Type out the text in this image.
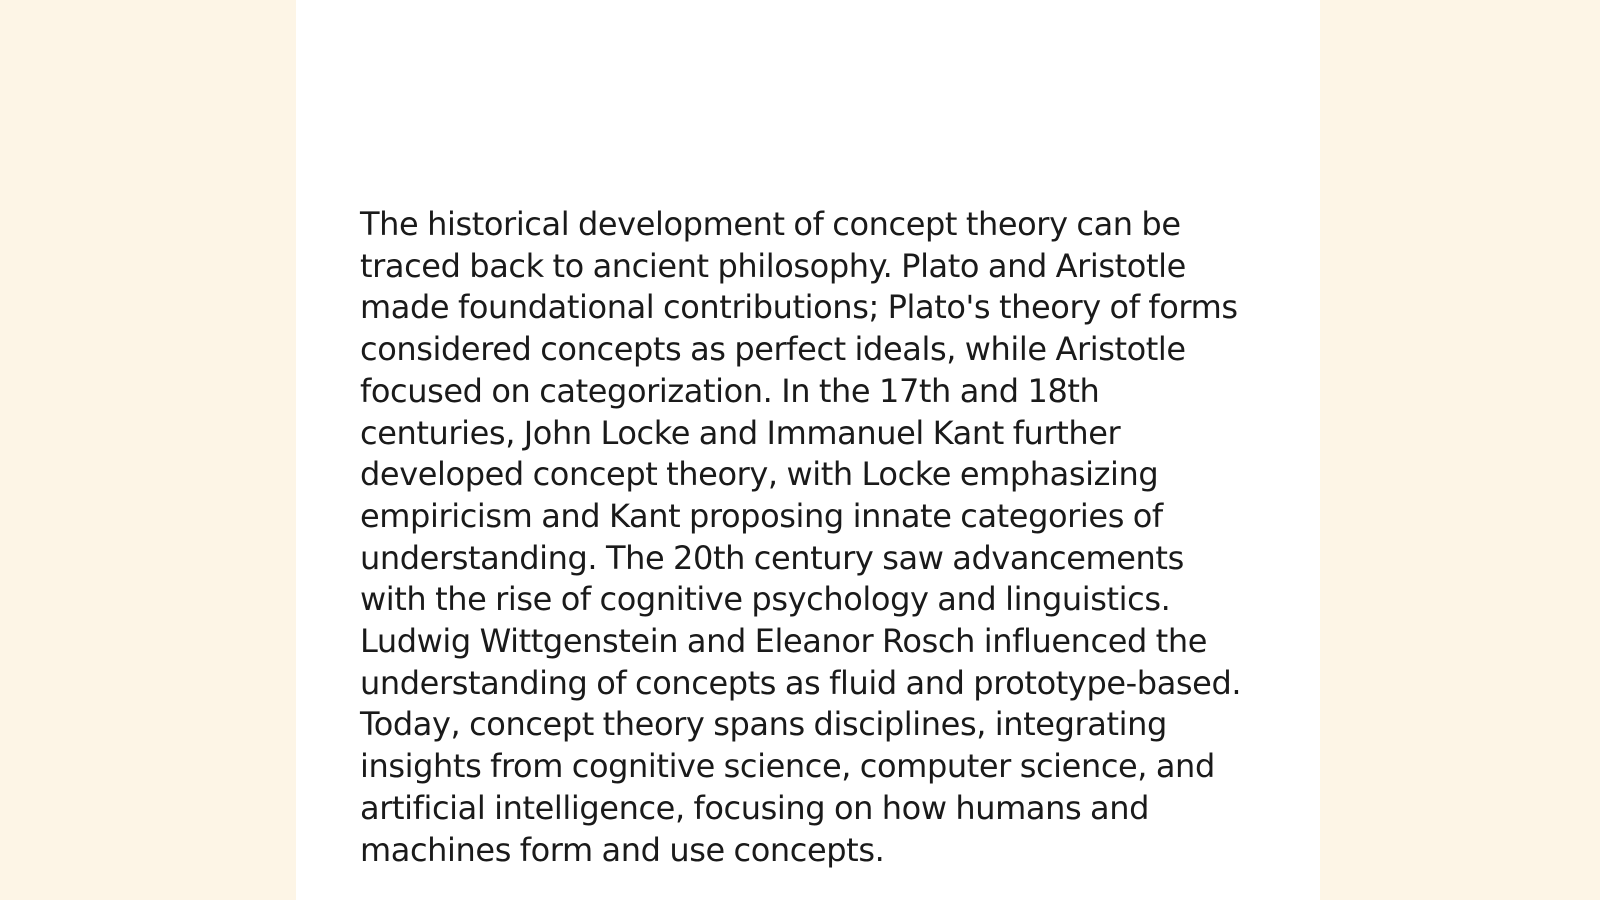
The historical development of concept theory can be traced back to ancient philosophy. Plato and Aristotle made foundational contributions; Plato's theory of forms considered concepts as perfect ideals, while Aristotle focused on categorization. In the 17th and 18th centuries, John Locke and Immanuel Kant further developed concept theory, with Locke emphasizing empiricism and Kant proposing innate categories of understanding. The 20th century saw advancements with the rise of cognitive psychology and linguistics. Ludwig Wittgenstein and Eleanor Rosch influenced the understanding of concepts as fluid and prototype-based. Today, concept theory spans disciplines, integrating insights from cognitive science, computer science, and artificial intelligence, focusing on how humans and machines form and use concepts.
